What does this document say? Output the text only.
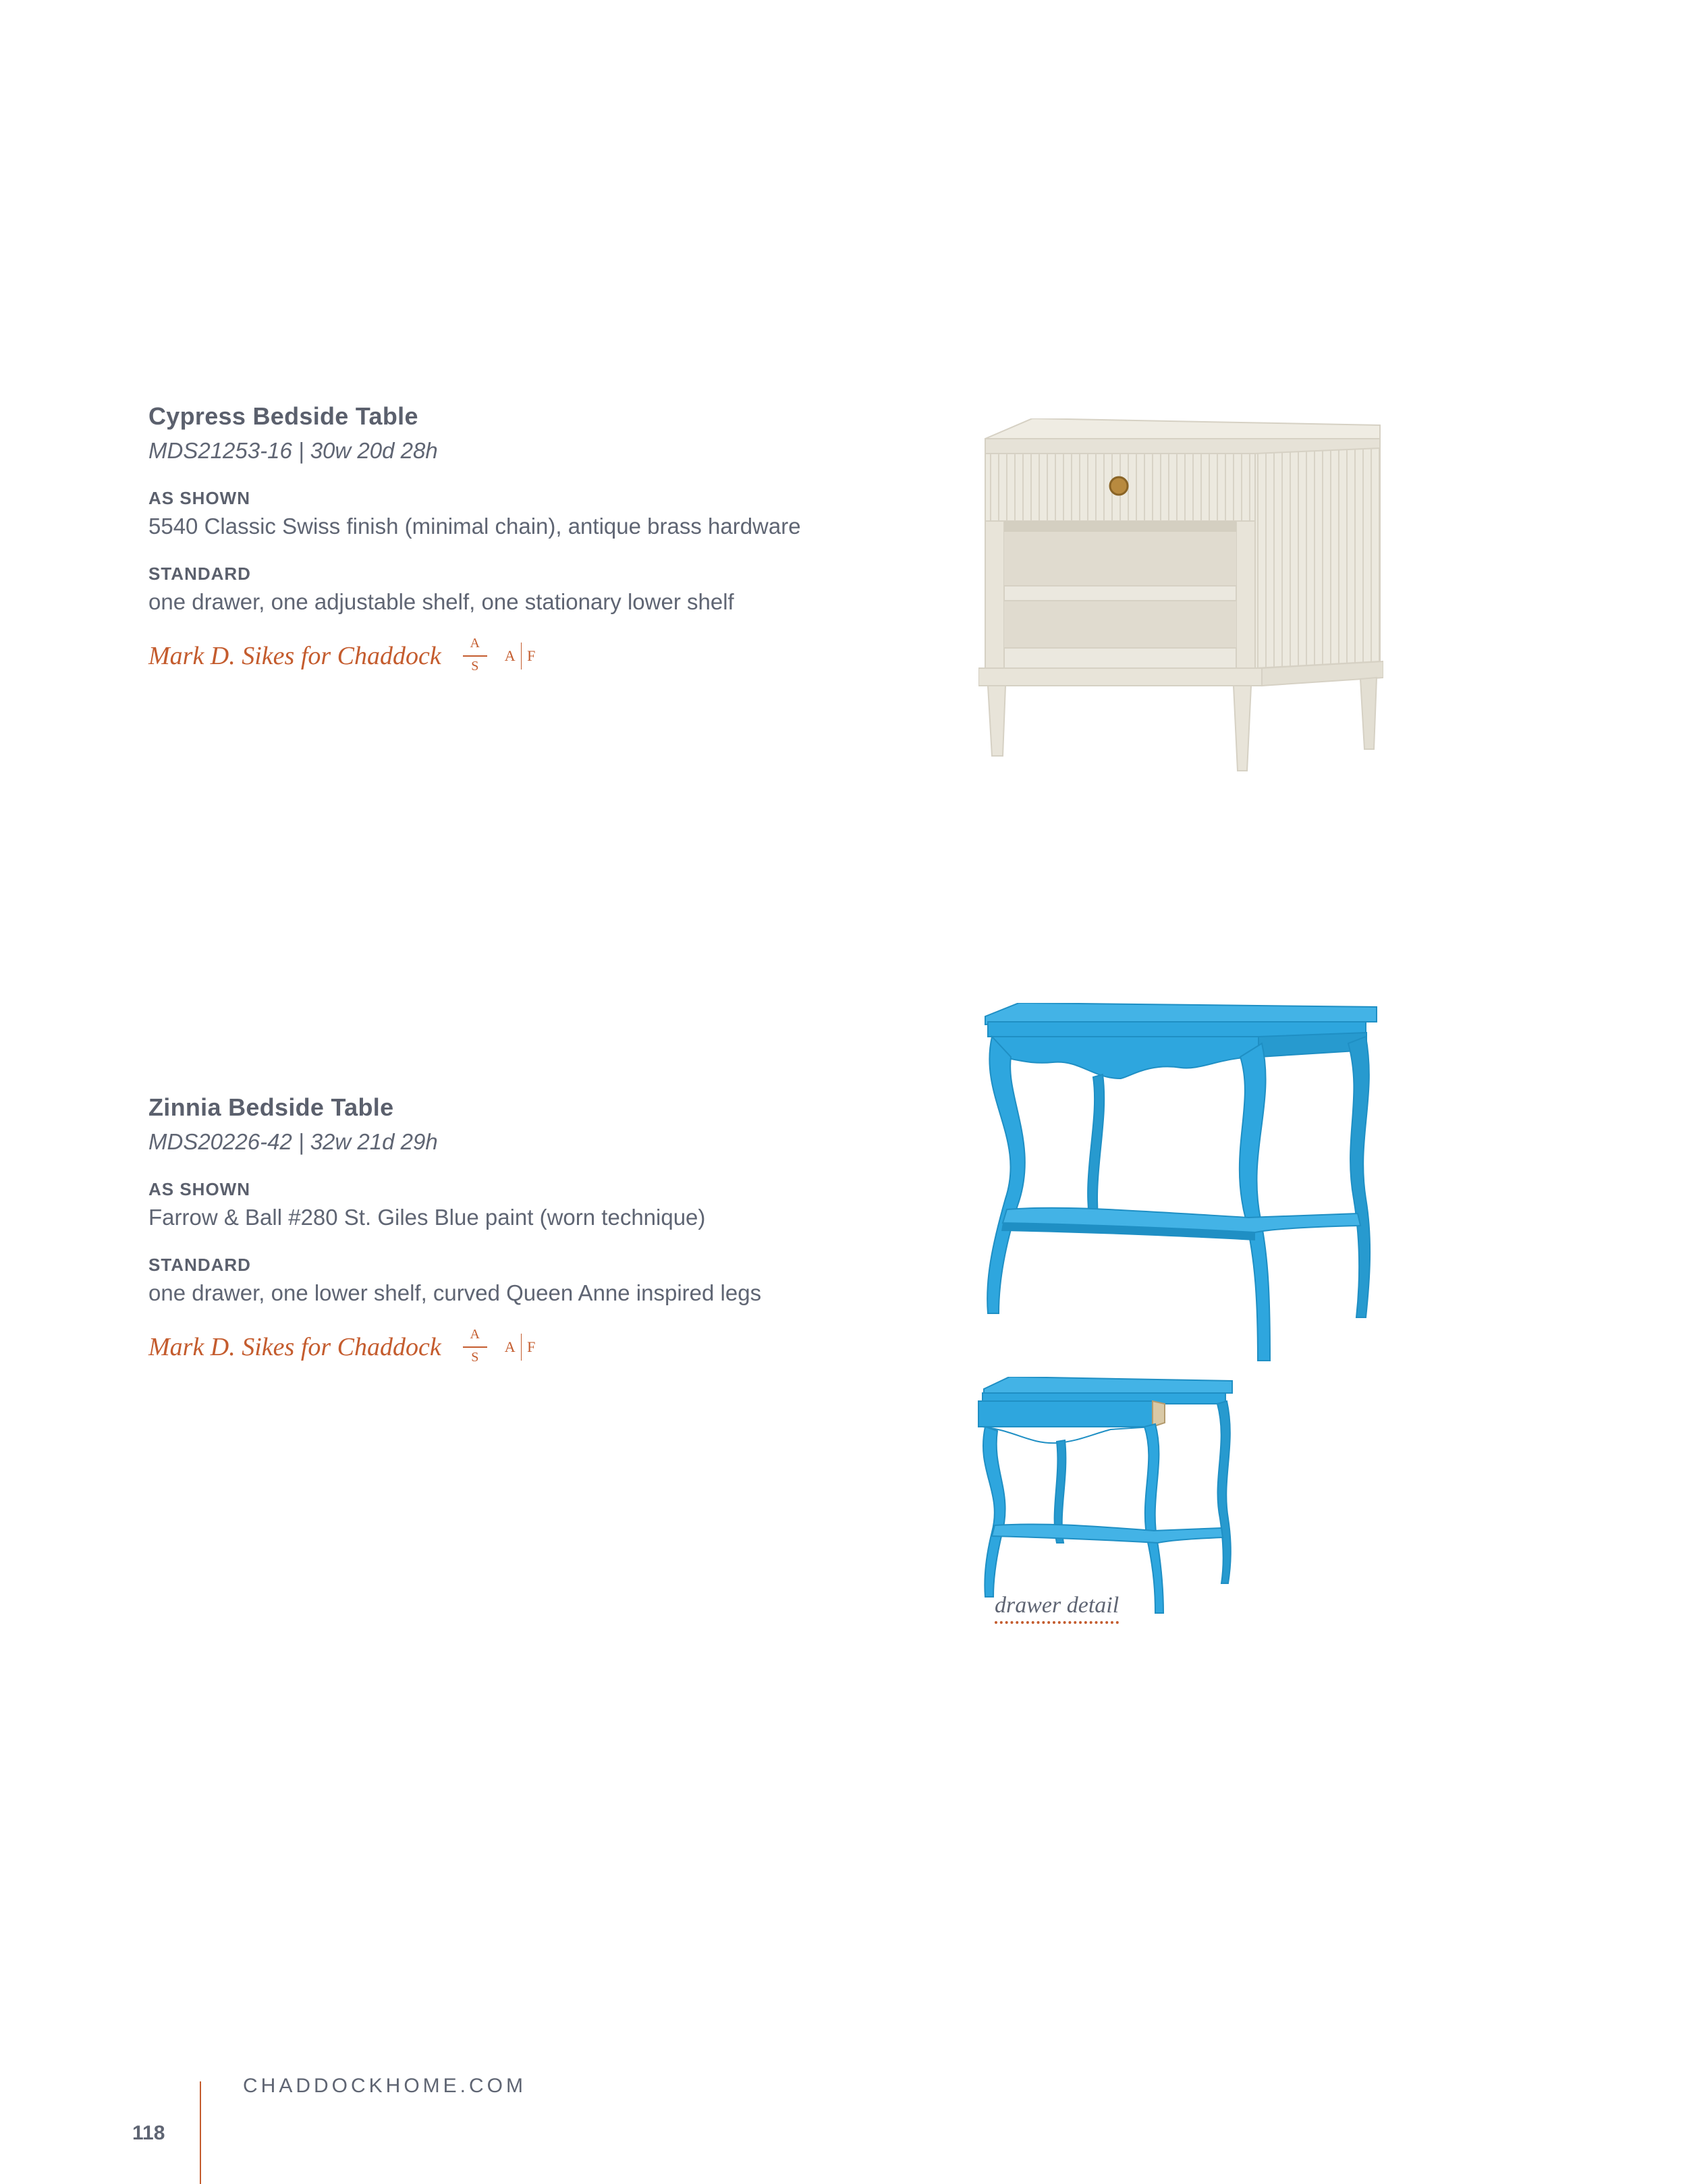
Cypress Bedside Table
MDS21253-16 | 30w 20d 28h
AS SHOWN
5540 Classic Swiss finish (minimal chain), antique brass hardware
STANDARD
one drawer, one adjustable shelf, one stationary lower shelf
Mark D. Sikes for Chaddock	A
S
A F
Zinnia Bedside Table
MDS20226-42 | 32w 21d 29h
AS SHOWN
Farrow & Ball #280 St. Giles Blue paint (worn technique)
STANDARD
one drawer, one lower shelf, curved Queen Anne inspired legs
Mark D. Sikes for Chaddock	A
S
A F
drawer detail
CHADDOCKHOME.COM
118
